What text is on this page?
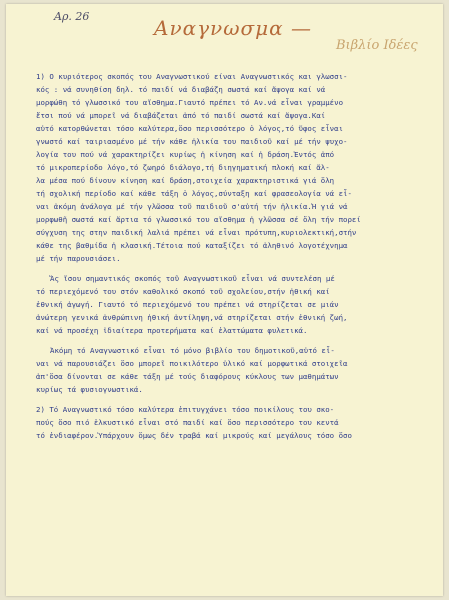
Αρ. 26	Αναγνωσμα —
Βιβλίο Ιδέες
1) Ο κυριότερος σκοπός του Αναγνωστικού είναι Αναγνωστικός και γλωσσι-
κός : νά συνηθίση δηλ. τό παιδί νά διαβάζη σωστά καί ἄψογα καί νά
μορφώθη τό γλωσσικό του αἴσθημα.Γιαυτό πρέπει τό Αν.νά εἶναι γραμμένο
ἔτσι πού νά μπορεῖ νά διαβάζεται ἀπό τό παιδί σωστά καί ἄψογα.Καί
αὐτό κατορθώνεται τόσο καλύτερα,ὅσο περισσότερο ὁ λόγος,τό ὕφος εἶναι
γνωστό καί ταιριασμένο μέ τήν κάθε ἡλικία του παιδιοῦ καί μέ τήν ψυχο-
λογία του πού νά χαρακτηρίζει κυρίως ἡ κίνηση καί ἡ δράση.Ἐντός ἀπό
τό μικροπερίοδο λόγο,τό ζωηρό διάλογο,τή διηγηματική πλοκή καί ἄλ-
λα μέσα πού δίνουν κίνηση καί δράση,στοιχεία χαρακτηριστικά γιά ὅλη
τή σχολική περίοδο καί κάθε τάξη ὁ λόγος,σύνταξη καί φρασεολογία νά εἶ-
ναι ἀκόμη ἀνάλογα μέ τήν γλῶσσα τοῦ παιδιοῦ σ'αὐτή τήν ἡλικία.Ἡ γιά νά
μορφωθῆ σωστά καί ἄρτια τό γλωσσικό του αἴσθημα ἡ γλῶσσα σέ ὅλη τήν πορεί
σύγχυση της στην παιδική λαλιά πρέπει νά εἶναι πρότυπη,κυριολεκτική,στήν
κάθε της βαθμίδα ἡ κλασική.Τέτοια πού καταξίζει τό ἀληθινό λογοτέχνημα
μέ τήν παρουσιάσει.
Ἄς ἴσου σημαντικός σκοπός τοῦ Αναγνωστικοῦ εἶναι νά συντελέση μέ
τό περιεχόμενό του στόν καθολικό σκοπό τοῦ σχολείου,στήν ἠθική καί
ἐθνική ἀγωγή. Γιαυτό τό περιεχόμενό του πρέπει νά στηρίζεται σε μιάν
ἀνώτερη γενικά ἀνθρώπινη ἠθική ἀντίληψη,νά στηρίζεται στήν ἐθνική ζωή,
καί νά προσέχη ἰδιαίτερα προτερήματα καί ἐλαττώματα φυλετικά.
Ἀκόμη τό Αναγνωστικό εἶναι τό μόνο βιβλίο του δημοτικοῦ,αὐτό εἶ-
ναι νά παρουσιάζει ὅσο μπορεῖ ποικιλότερο ὑλικό καί μορφωτικά στοιχεῖα
ἀπ'ὅσα δίνονται σε κάθε τάξη μέ τούς διαφόρους κύκλους των μαθημάτων
κυρίως τά φυσιογνωστικά.
2) Τό Αναγνωστικό τόσο καλύτερα ἐπιτυγχάνει τόσο ποικίλους του σκο-
πούς ὅσο πιό ἑλκυστικό εἶναι στό παιδί καί ὅσο περισσότερο του κεντά
τό ἐνδιαφέρον.Ὑπάρχουν ὅμως δέν τραβά καί μικρούς καί μεγάλους τόσο ὅσο
